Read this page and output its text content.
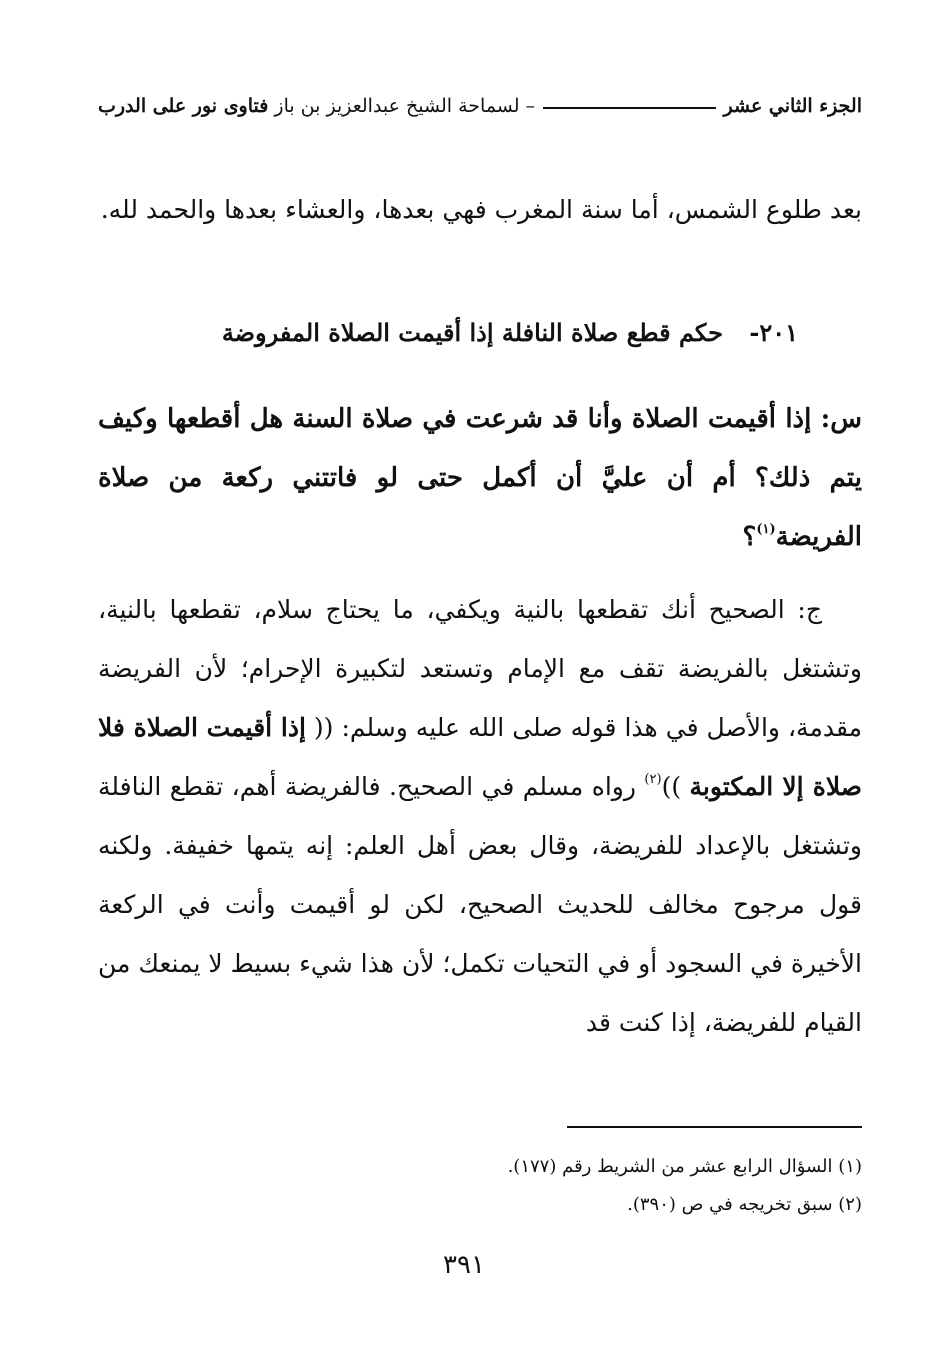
فتاوى نور على الدرب
– لسماحة الشيخ عبدالعزيز بن باز	الجزء الثاني عشر

بعد طلوع الشمس، أما سنة المغرب فهي بعدها، والعشاء بعدها والحمد لله.

٢٠١- حكم قطع صلاة النافلة إذا أقيمت الصلاة المفروضة

س: إذا أقيمت الصلاة وأنا قد شرعت في صلاة السنة هل أقطعها وكيف يتم ذلك؟ أم أن عليَّ أن أكمل حتى لو فاتتني ركعة من صلاة الفريضة$^{(١)}$؟

ج: الصحيح أنك تقطعها بالنية ويكفي، ما يحتاج سلام، تقطعها بالنية، وتشتغل بالفريضة تقف مع الإمام وتستعد لتكبيرة الإحرام؛ لأن الفريضة مقدمة، والأصل في هذا قوله صلى الله عليه وسلم: (( إذا أقيمت الصلاة فلا صلاة إلا المكتوبة ))$^{(٢)}$ رواه مسلم في الصحيح. فالفريضة أهم، تقطع النافلة وتشتغل بالإعداد للفريضة، وقال بعض أهل العلم: إنه يتمها خفيفة. ولكنه قول مرجوح مخالف للحديث الصحيح، لكن لو أقيمت وأنت في الركعة الأخيرة في السجود أو في التحيات تكمل؛ لأن هذا شيء بسيط لا يمنعك من القيام للفريضة، إذا كنت قد

(١) السؤال الرابع عشر من الشريط رقم (١٧٧).
(٢) سبق تخريجه في ص (٣٩٠).
٣٩١
